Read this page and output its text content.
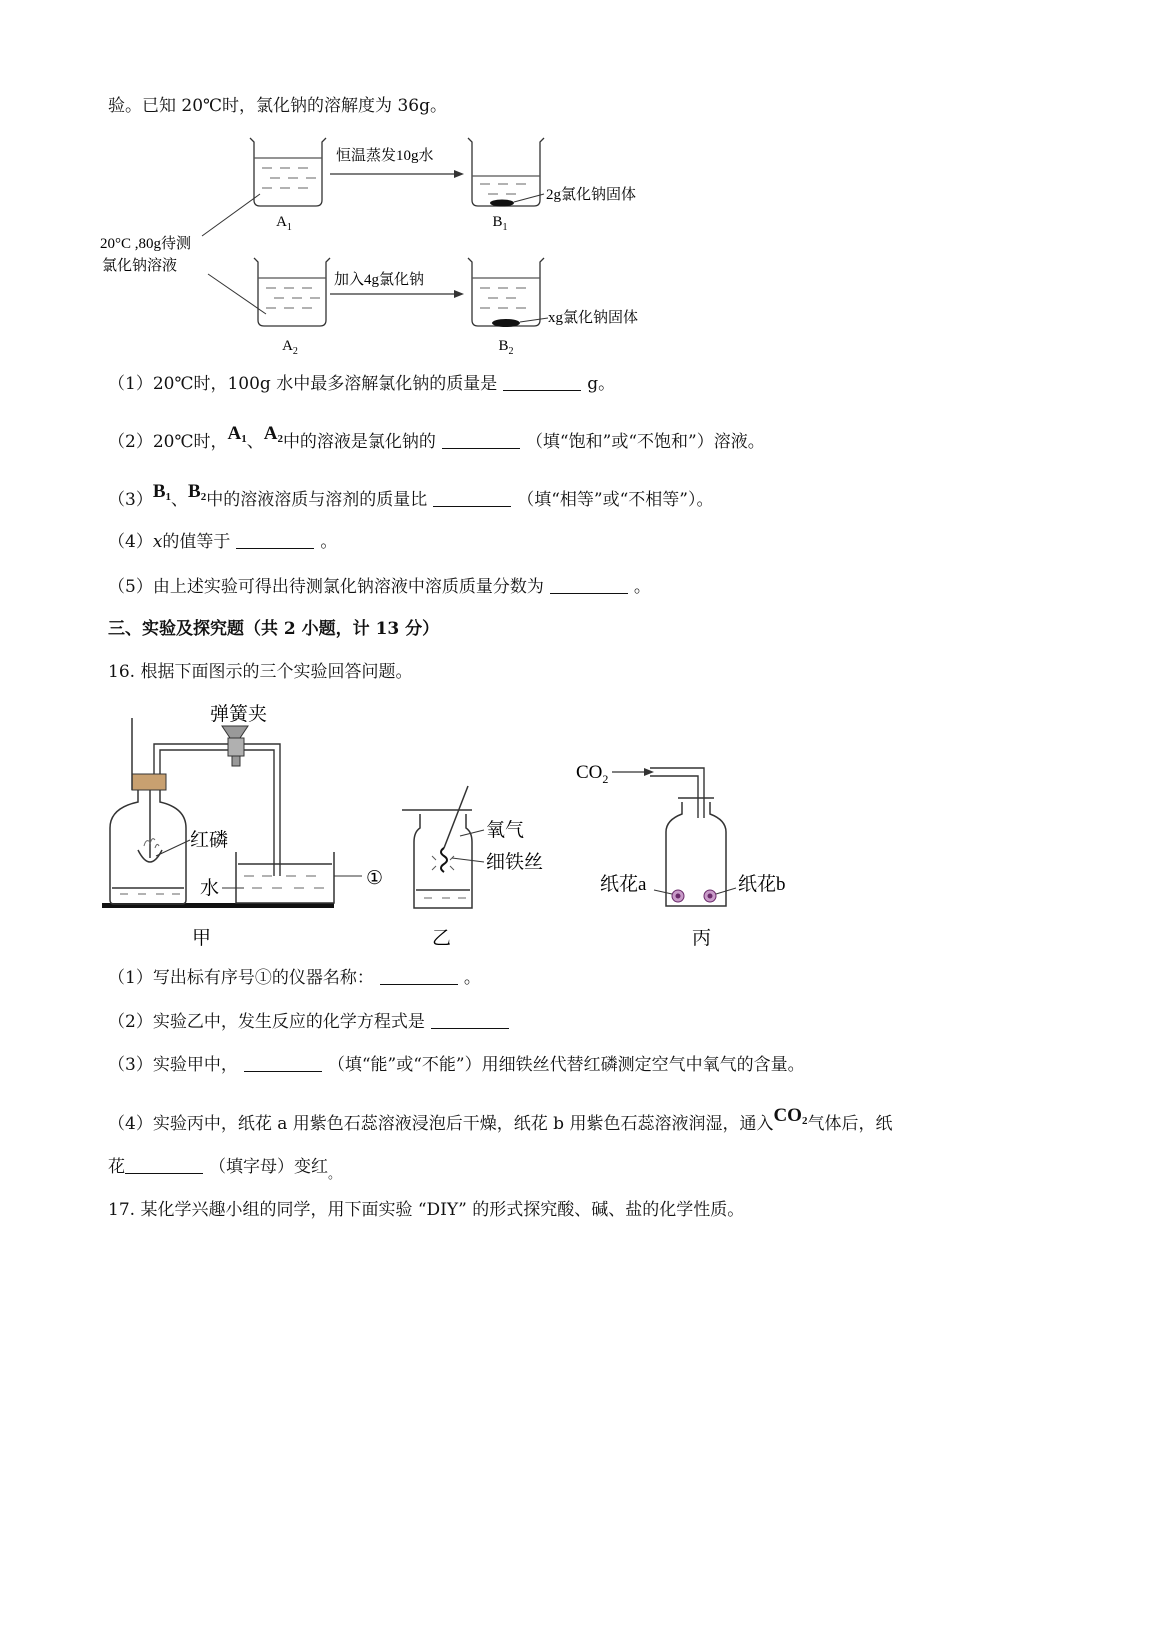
验。已知 20℃时，氯化钠的溶解度为 36g。
$A_1$
恒温蒸发10g水
2g氯化钠固体
$B_1$
20°C ,80g待测
氯化钠溶液
$A_2$
加入4g氯化钠
xg氯化钠固体
$B_2$
（1）20℃时，100g 水中最多溶解氯化钠的质量是	g。
（2）20℃时，A1、A2中的溶液是氯化钠的	（填“饱和”或“不饱和”）溶液。
（3）B1、B2中的溶液溶质与溶剂的质量比	（填“相等”或“不相等”）。
（4）x的值等于	。
（5）由上述实验可得出待测氯化钠溶液中溶质质量分数为	。
三、实验及探究题（共 2 小题，计 13 分）
16. 根据下面图示的三个实验回答问题。
弹簧夹
红磷
水	①
甲
氧气
细铁丝
乙
$CO_2$
纸花a	纸花b
丙
（1）写出标有序号①的仪器名称：	。
（2）实验乙中，发生反应的化学方程式是
（3）实验甲中，	（填“能”或“不能”）用细铁丝代替红磷测定空气中氧气的含量。
（4）实验丙中，纸花 a 用紫色石蕊溶液浸泡后干燥，纸花 b 用紫色石蕊溶液润湿，通入CO2气体后，纸
花	（填字母）变红$_。$
17. 某化学兴趣小组的同学，用下面实验 “DIY” 的形式探究酸、碱、盐的化学性质。
